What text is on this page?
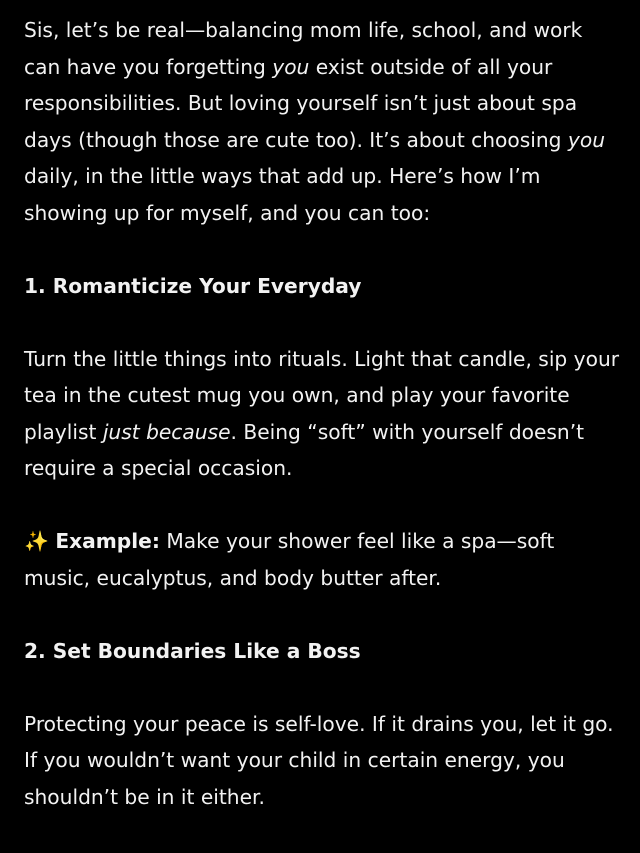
Sis, let’s be real—balancing mom life, school, and work can have you forgetting you exist outside of all your responsibilities. But loving yourself isn’t just about spa days (though those are cute too). It’s about choosing you daily, in the little ways that add up. Here’s how I’m showing up for myself, and you can too:

1. Romanticize Your Everyday

Turn the little things into rituals. Light that candle, sip your tea in the cutest mug you own, and play your favorite playlist just because. Being “soft” with yourself doesn’t require a special occasion.

✨ Example: Make your shower feel like a spa—soft music, eucalyptus, and body butter after.

2. Set Boundaries Like a Boss

Protecting your peace is self-love. If it drains you, let it go. If you wouldn’t want your child in certain energy, you shouldn’t be in it either.
